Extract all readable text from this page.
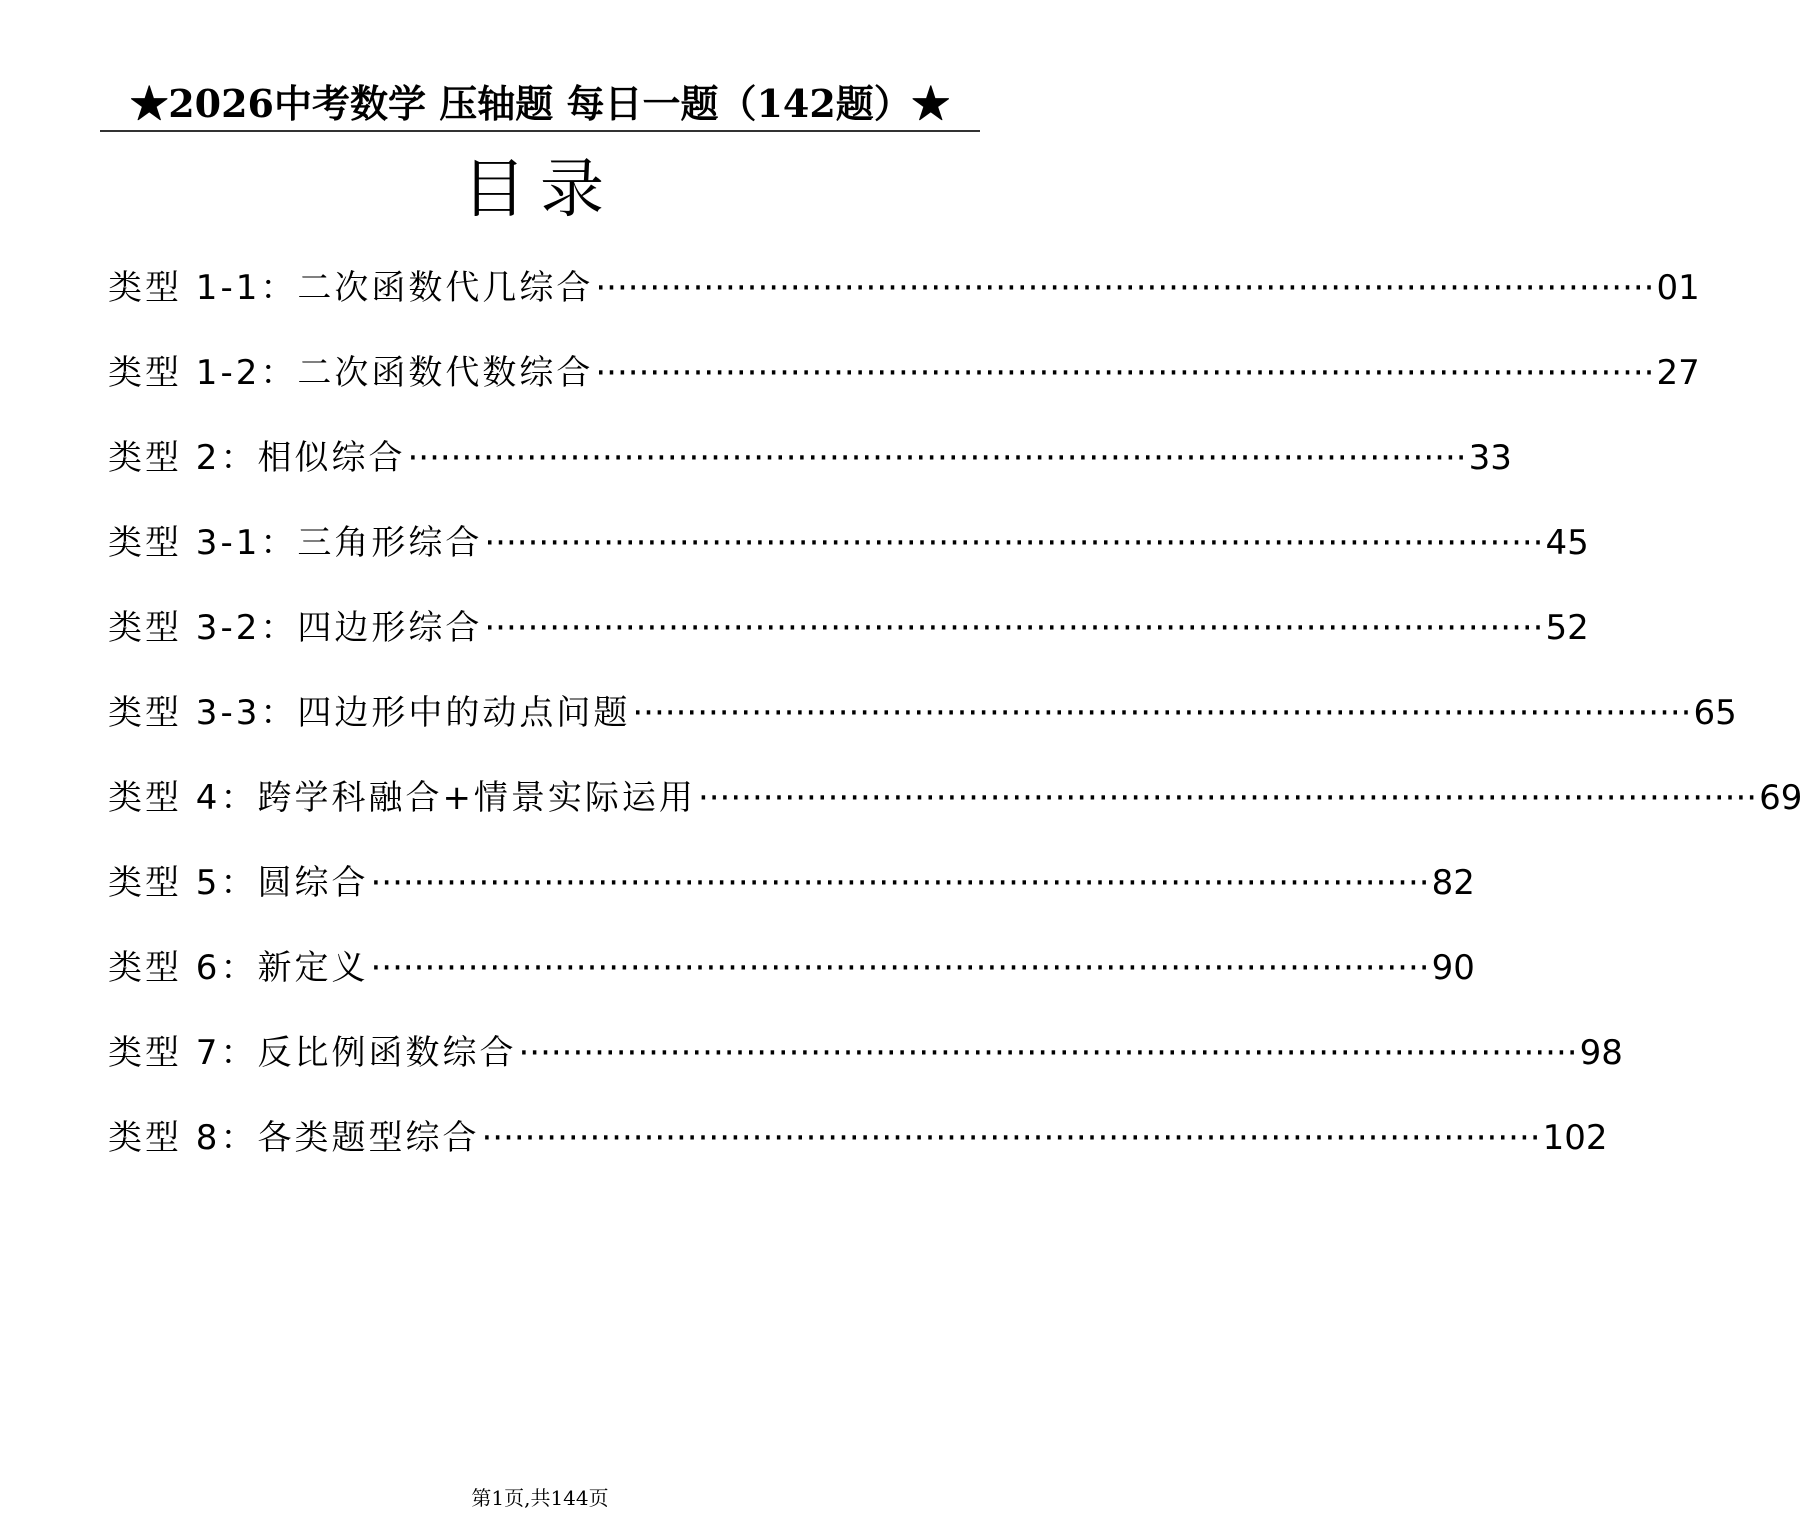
★2026中考数学 压轴题 每日一题（142题）★
目录
类型 1-1：二次函数代几综合 ·································································································· 01
类型 1-2：二次函数代数综合 ·································································································· 27
类型 2：相似综合 ·································································································· 33
类型 3-1：三角形综合 ·································································································· 45
类型 3-2：四边形综合 ·································································································· 52
类型 3-3：四边形中的动点问题 ·································································································· 65
类型 4：跨学科融合+情景实际运用 ·································································································· 69
类型 5：圆综合 ·································································································· 82
类型 6：新定义 ·································································································· 90
类型 7：反比例函数综合 ·································································································· 98
类型 8：各类题型综合 ·································································································· 102
第1页,共144页
